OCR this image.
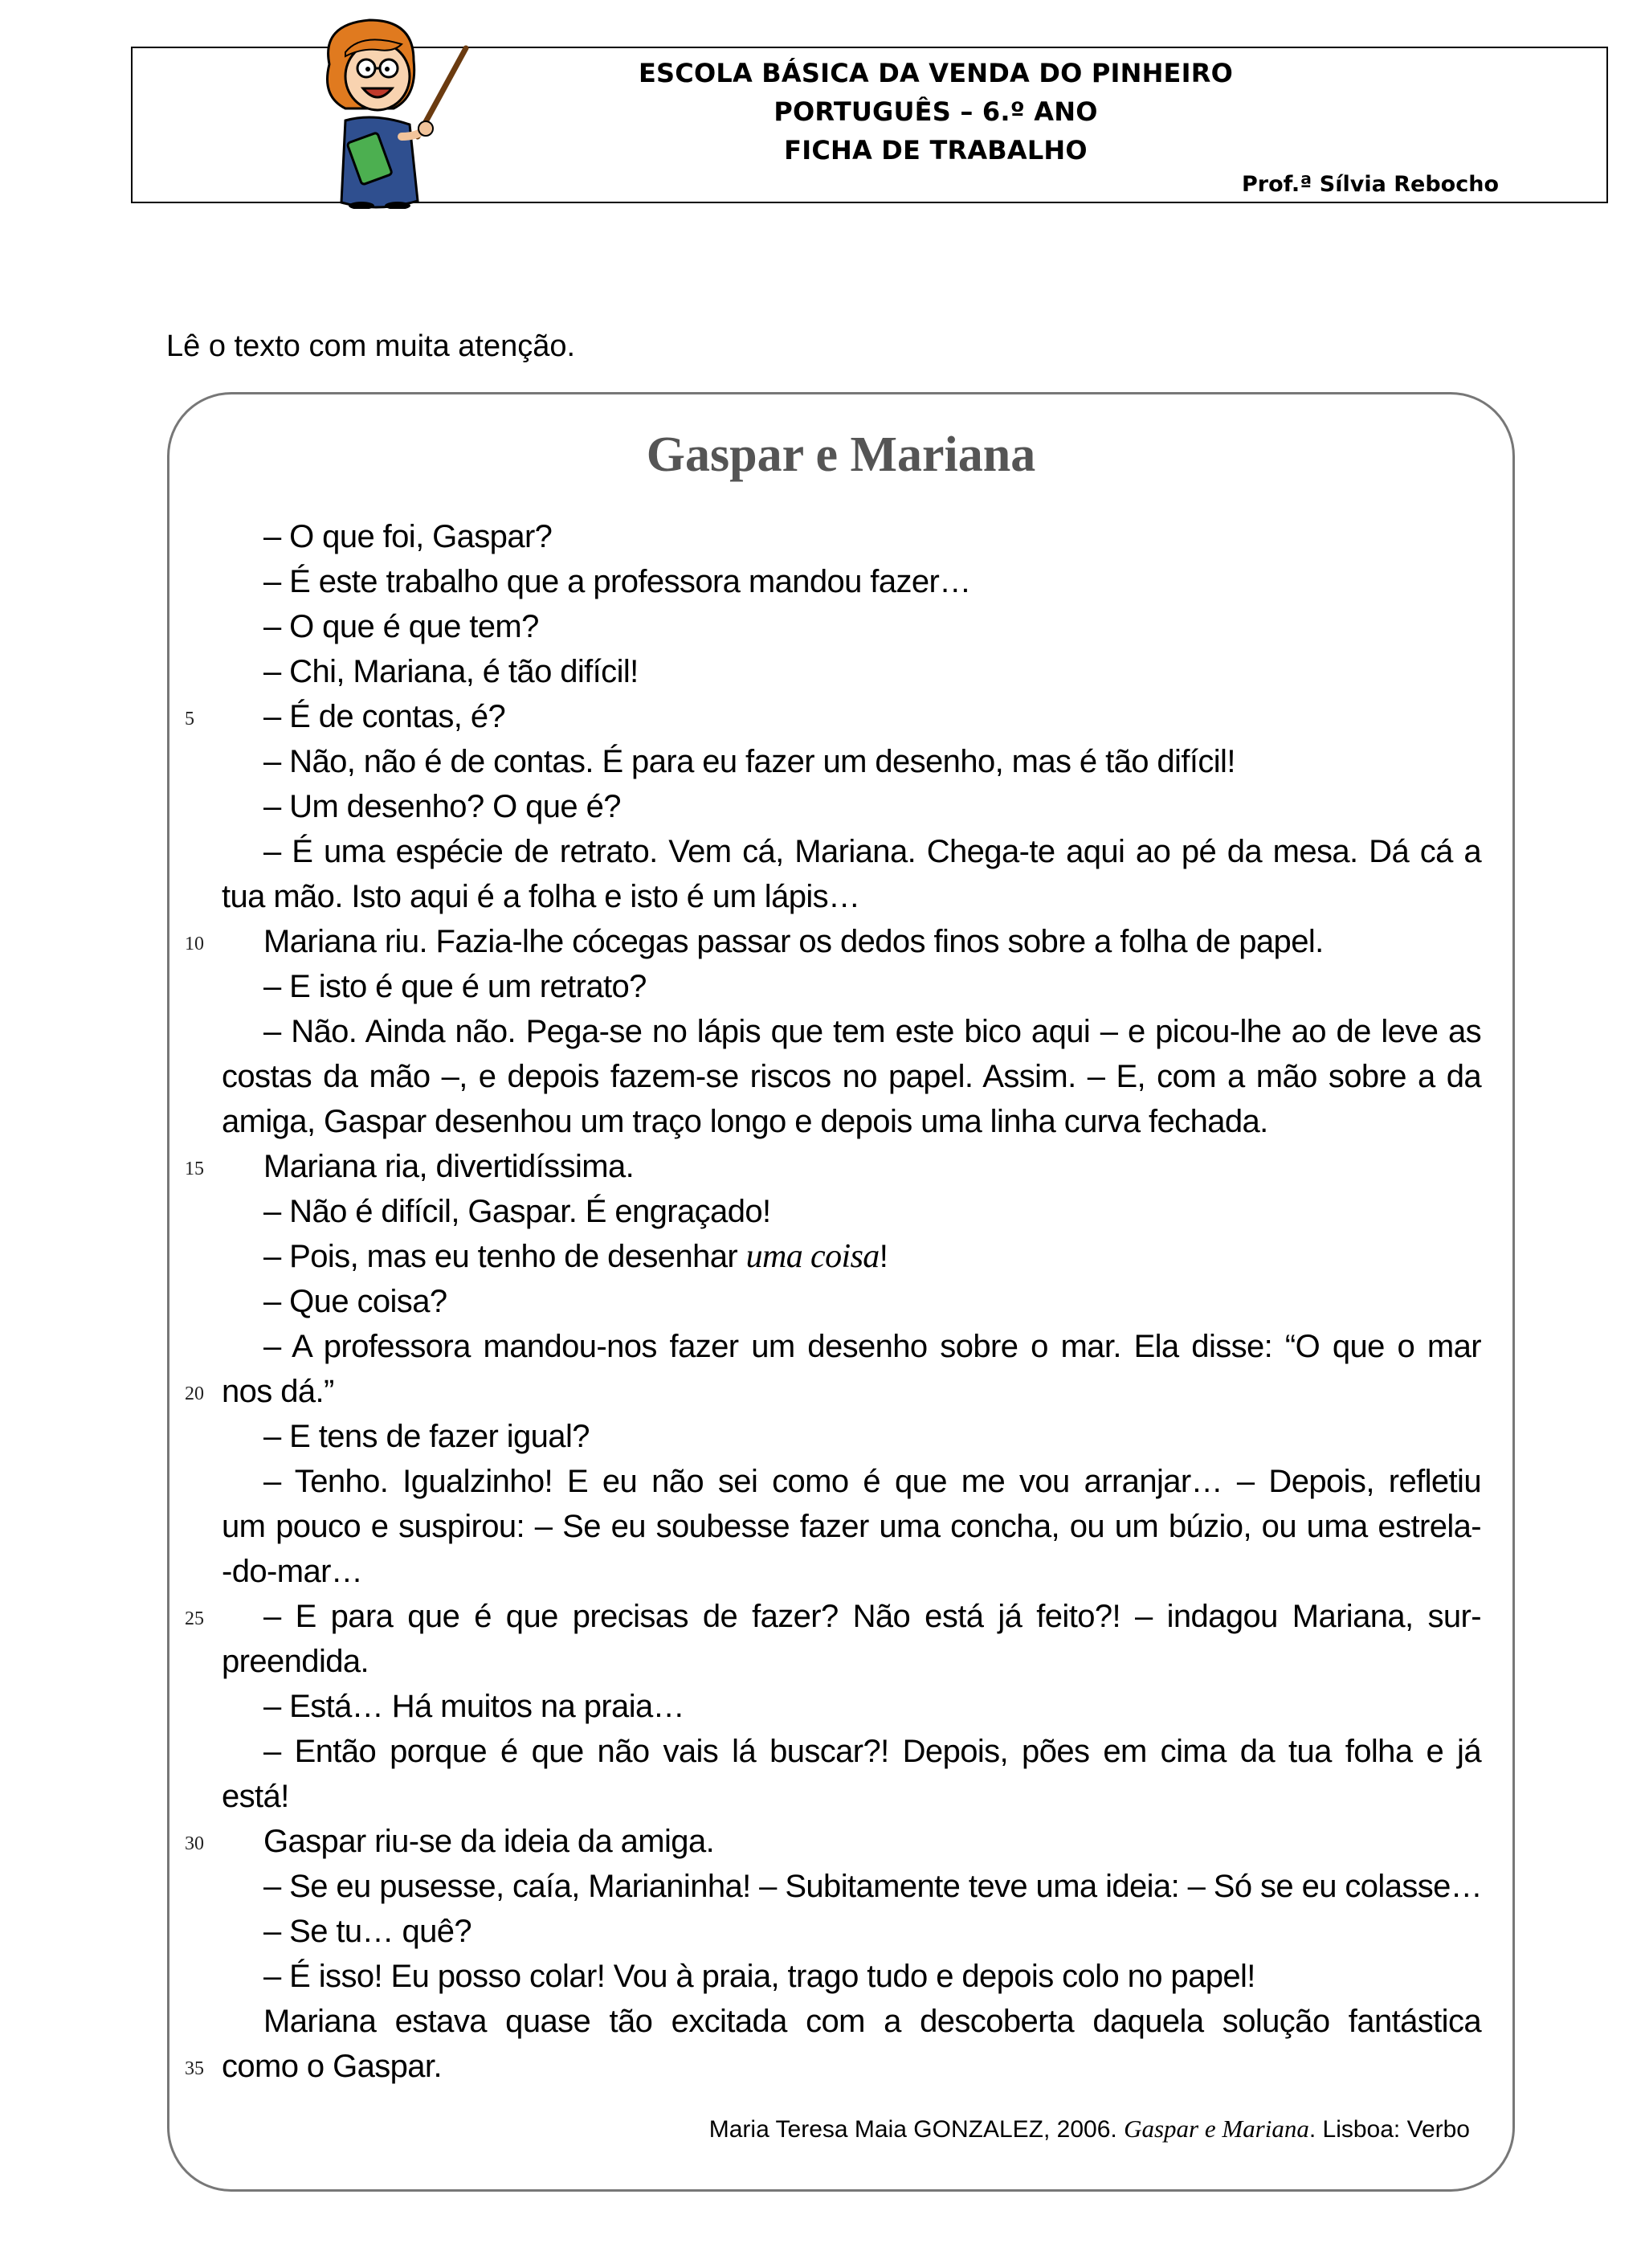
ESCOLA BÁSICA DA VENDA DO PINHEIRO
PORTUGUÊS – 6.º ANO
FICHA DE TRABALHO
Prof.ª Sílvia Rebocho
Lê o texto com muita atenção.
Gaspar e Mariana
– O que foi, Gaspar?
– É este trabalho que a professora mandou fazer…
– O que é que tem?
– Chi, Mariana, é tão difícil!
– É de contas, é?
– Não, não é de contas. É para eu fazer um desenho, mas é tão difícil!
– Um desenho? O que é?
– É uma espécie de retrato. Vem cá, Mariana. Chega-te aqui ao pé da mesa. Dá cá a
tua mão. Isto aqui é a folha e isto é um lápis…
Mariana riu. Fazia-lhe cócegas passar os dedos finos sobre a folha de papel.
– E isto é que é um retrato?
– Não. Ainda não. Pega-se no lápis que tem este bico aqui – e picou-lhe ao de leve as
costas da mão –, e depois fazem-se riscos no papel. Assim. – E, com a mão sobre a da
amiga, Gaspar desenhou um traço longo e depois uma linha curva fechada.
Mariana ria, divertidíssima.
– Não é difícil, Gaspar. É engraçado!
– Pois, mas eu tenho de desenhar uma coisa!
– Que coisa?
– A professora mandou-nos fazer um desenho sobre o mar. Ela disse: “O que o mar
nos dá.”
– E tens de fazer igual?
– Tenho. Igualzinho! E eu não sei como é que me vou arranjar… – Depois, refletiu
um pouco e suspirou: – Se eu soubesse fazer uma concha, ou um búzio, ou uma estrela-
-do-mar…
– E para que é que precisas de fazer? Não está já feito?! – indagou Mariana, sur-
preendida.
– Está… Há muitos na praia…
– Então porque é que não vais lá buscar?! Depois, pões em cima da tua folha e já
está!
Gaspar riu-se da ideia da amiga.
– Se eu pusesse, caía, Marianinha! – Subitamente teve uma ideia: – Só se eu colasse…
– Se tu… quê?
– É isso! Eu posso colar! Vou à praia, trago tudo e depois colo no papel!
Mariana estava quase tão excitada com a descoberta daquela solução fantástica
como o Gaspar.
5
10
15
20
25
30
35
Maria Teresa Maia GONZALEZ, 2006. Gaspar e Mariana. Lisboa: Verbo
